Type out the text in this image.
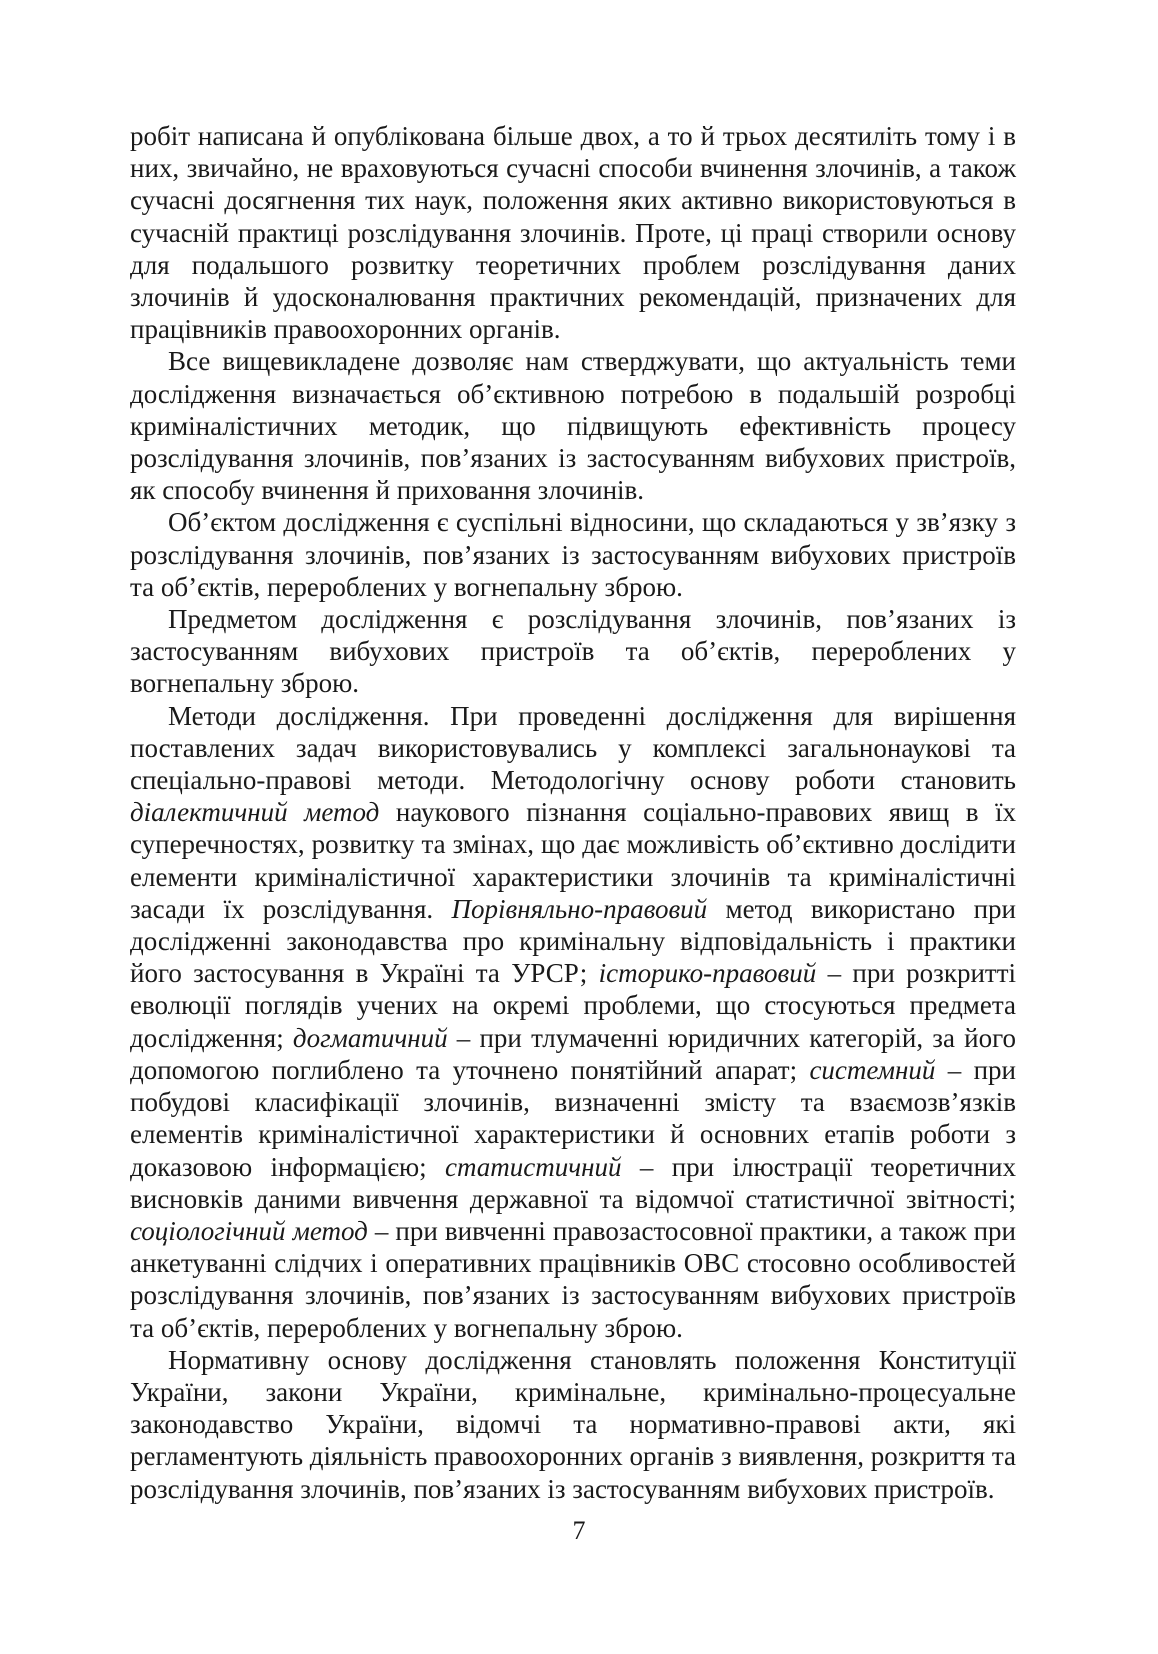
робіт написана й опублікована більше двох, а то й трьох десятиліть тому і в них, звичайно, не враховуються сучасні способи вчинення злочинів, а також сучасні досягнення тих наук, положення яких активно використовуються в сучасній практиці розслідування злочинів. Проте, ці праці створили основу для подальшого розвитку теоретичних проблем розслідування даних злочинів й удосконалювання практичних рекомендацій, призначених для працівників правоохоронних органів.

Все вищевикладене дозволяє нам стверджувати, що актуальність теми дослідження визначається об’єктивною потребою в подальшій розробці криміналістичних методик, що підвищують ефективність процесу розслідування злочинів, пов’язаних із застосуванням вибухових пристроїв, як способу вчинення й приховання злочинів.

Об’єктом дослідження є суспільні відносини, що складаються у зв’язку з розслідування злочинів, пов’язаних із застосуванням вибухових пристроїв та об’єктів, перероблених у вогнепальну зброю.

Предметом дослідження є розслідування злочинів, пов’язаних із застосуванням вибухових пристроїв та об’єктів, перероблених у вогнепальну зброю.

Методи дослідження. При проведенні дослідження для вирішення поставлених задач використовувались у комплексі загальнонаукові та спеціально-правові методи. Методологічну основу роботи становить діалектичний метод наукового пізнання соціально-правових явищ в їх суперечностях, розвитку та змінах, що дає можливість об’єктивно дослідити елементи криміналістичної характеристики злочинів та криміналістичні засади їх розслідування. Порівняльно-правовий метод використано при дослідженні законодавства про кримінальну відповідальність і практики його застосування в Україні та УРСР; історико-правовий – при розкритті еволюції поглядів учених на окремі проблеми, що стосуються предмета дослідження; догматичний – при тлумаченні юридичних категорій, за його допомогою поглиблено та уточнено понятійний апарат; системний – при побудові класифікації злочинів, визначенні змісту та взаємозв’язків елементів криміналістичної характеристики й основних етапів роботи з доказовою інформацією; статистичний – при ілюстрації теоретичних висновків даними вивчення державної та відомчої статистичної звітності; соціологічний метод – при вивченні правозастосовної практики, а також при анкетуванні слідчих і оперативних працівників ОВС стосовно особливостей розслідування злочинів, пов’язаних із застосуванням вибухових пристроїв та об’єктів, перероблених у вогнепальну зброю.

Нормативну основу дослідження становлять положення Конституції України, закони України, кримінальне, кримінально-процесуальне законодавство України, відомчі та нормативно-правові акти, які регламентують діяльність правоохоронних органів з виявлення, розкриття та розслідування злочинів, пов’язаних із застосуванням вибухових пристроїв.

7
